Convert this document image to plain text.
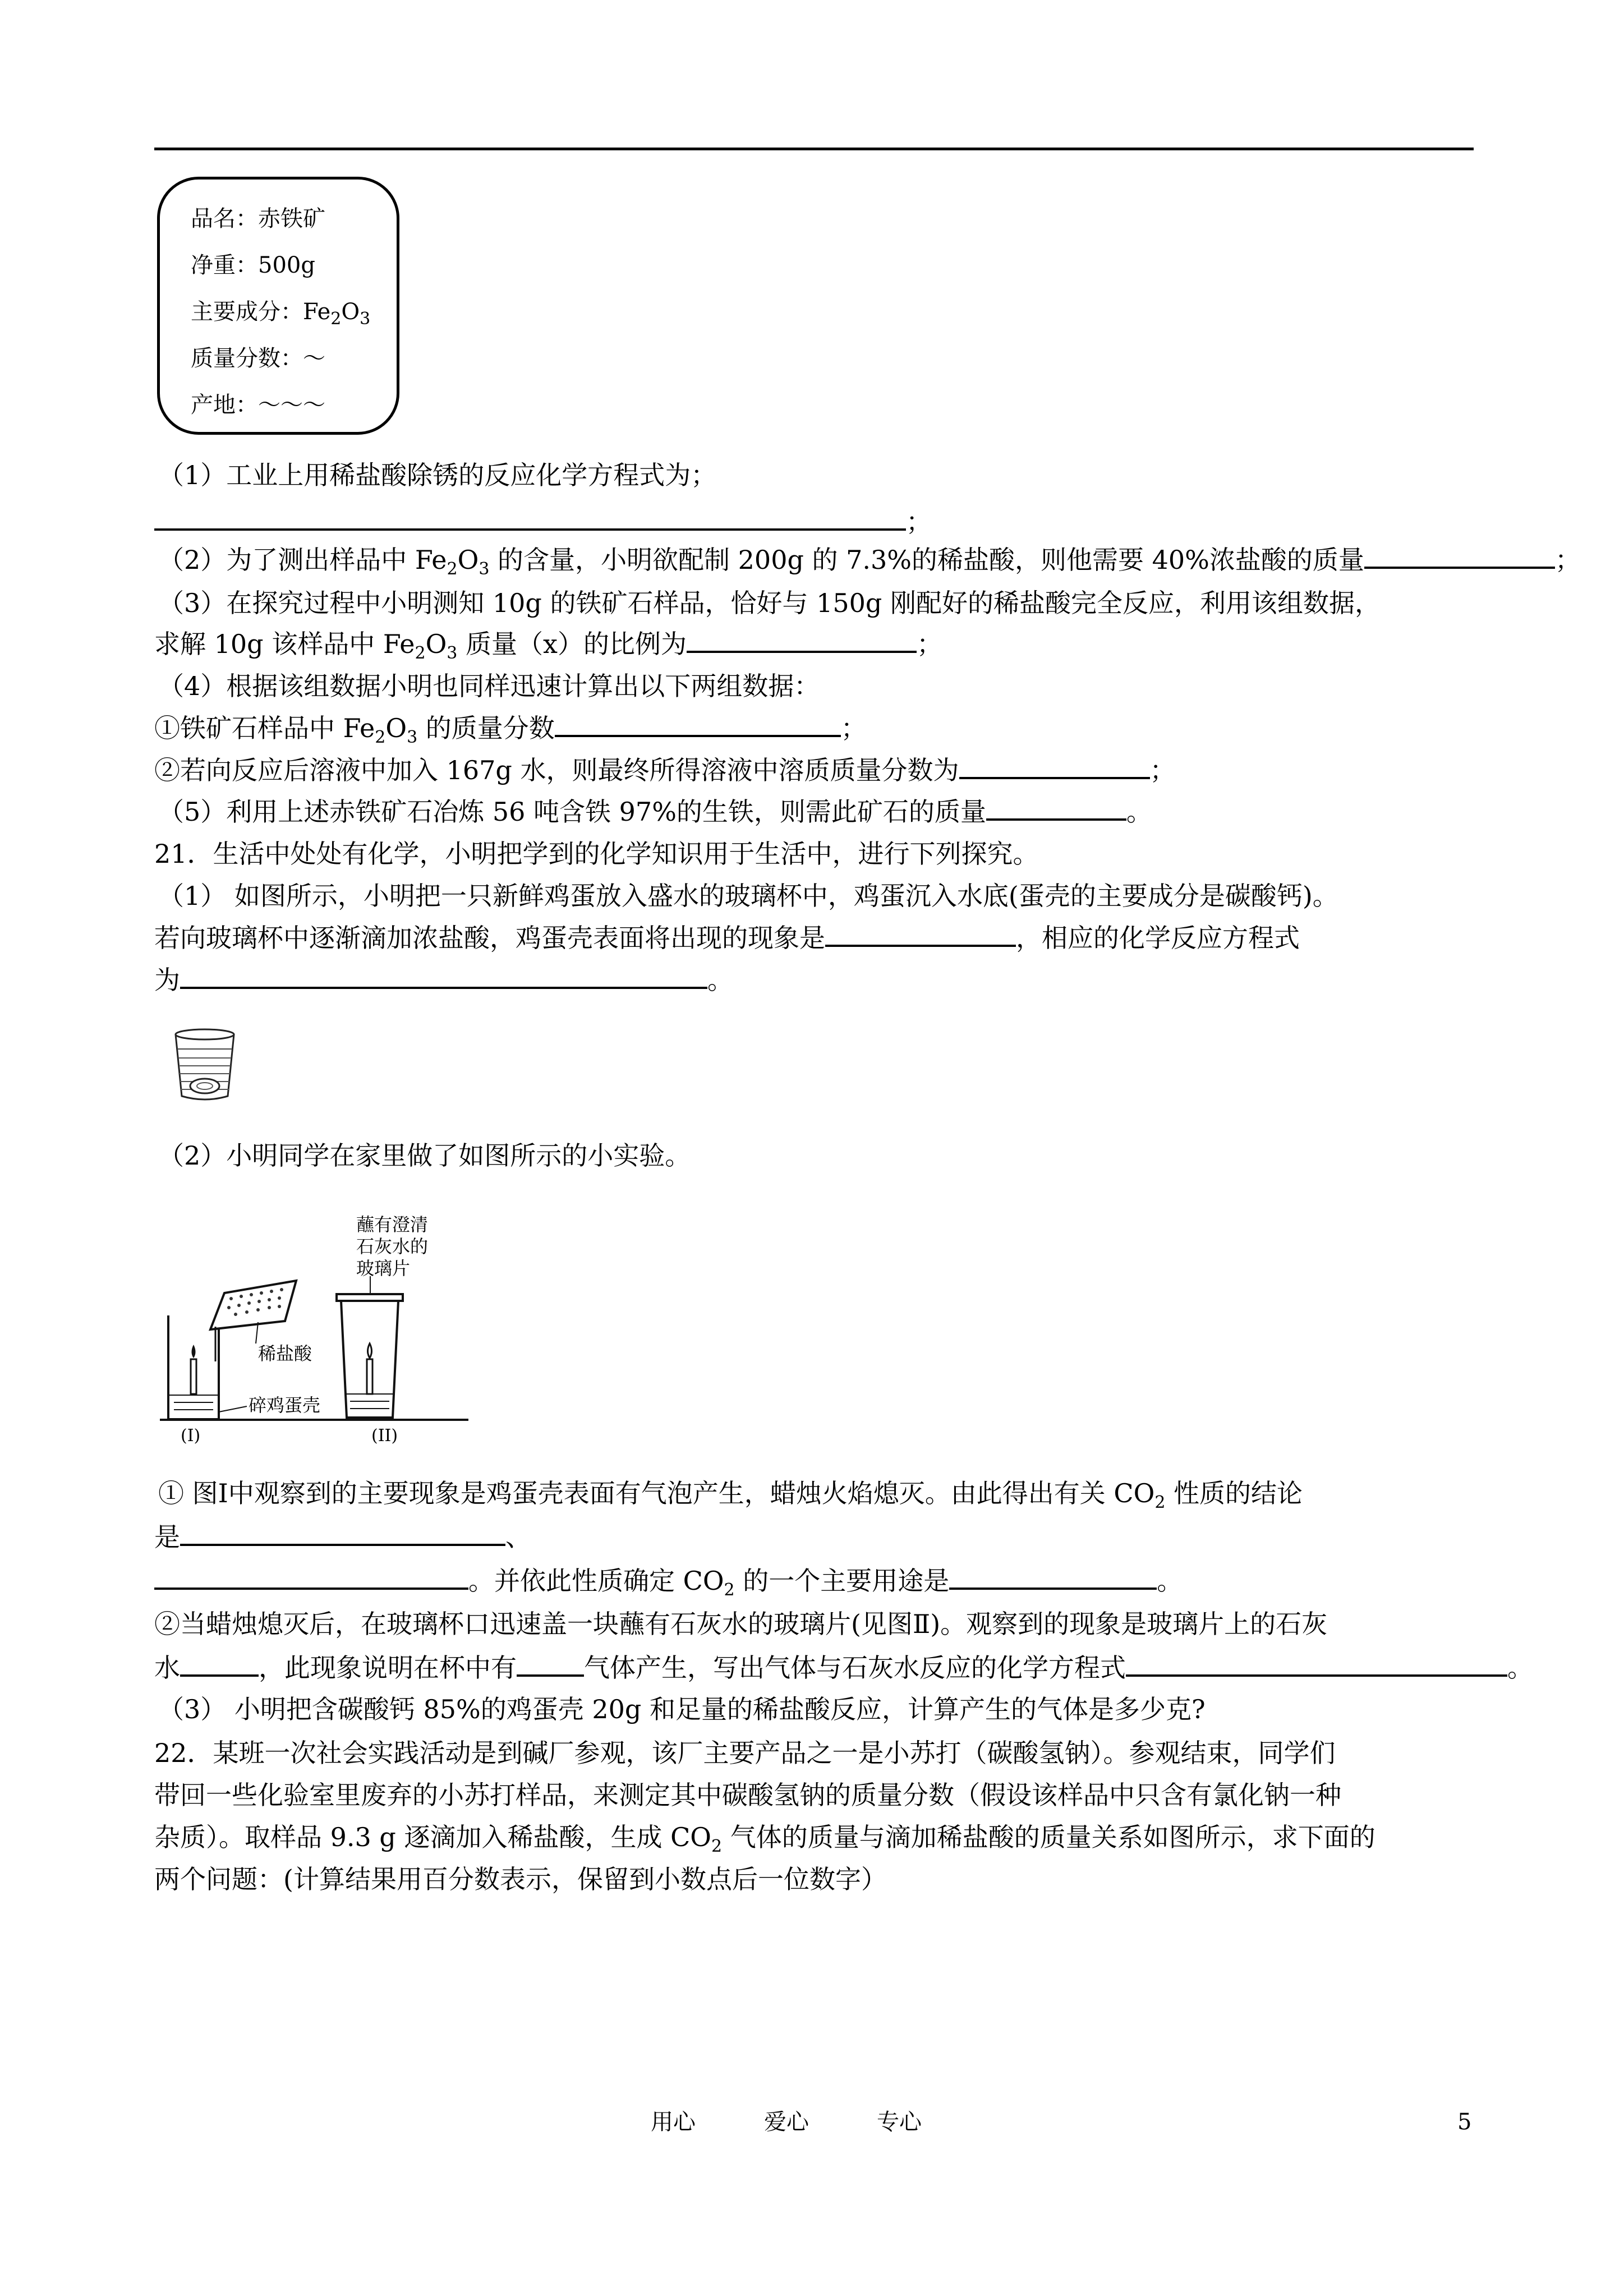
品名：赤铁矿
净重：500g
主要成分：$Fe_2O_3$
质量分数：～
产地：～～～
（1）工业上用稀盐酸除锈的反应化学方程式为；
；
（2）为了测出样品中 $Fe_2O_3$ 的含量，小明欲配制 200g 的 7.3%的稀盐酸，则他需要 40%浓盐酸的质量	；
（3）在探究过程中小明测知 10g 的铁矿石样品，恰好与 150g 刚配好的稀盐酸完全反应，利用该组数据，
求解 10g 该样品中 $Fe_2O_3$ 质量（x）的比例为	；
（4）根据该组数据小明也同样迅速计算出以下两组数据：
①铁矿石样品中 $Fe_2O_3$ 的质量分数	；
②若向反应后溶液中加入 167g 水，则最终所得溶液中溶质质量分数为	；
（5）利用上述赤铁矿石冶炼 56 吨含铁 97%的生铁，则需此矿石的质量	。
21．生活中处处有化学，小明把学到的化学知识用于生活中，进行下列探究。
（1） 如图所示，小明把一只新鲜鸡蛋放入盛水的玻璃杯中，鸡蛋沉入水底(蛋壳的主要成分是碳酸钙)。
若向玻璃杯中逐渐滴加浓盐酸，鸡蛋壳表面将出现的现象是	，相应的化学反应方程式
为	。
（2）小明同学在家里做了如图所示的小实验。
蘸有澄清
石灰水的
玻璃片
稀盐酸
碎鸡蛋壳
(I)	(II)
① 图Ⅰ中观察到的主要现象是鸡蛋壳表面有气泡产生，蜡烛火焰熄灭。由此得出有关 $CO_2$ 性质的结论
是	、
。并依此性质确定 $CO_2$ 的一个主要用途是	。
②当蜡烛熄灭后，在玻璃杯口迅速盖一块蘸有石灰水的玻璃片(见图Ⅱ)。观察到的现象是玻璃片上的石灰
水	，此现象说明在杯中有	气体产生，写出气体与石灰水反应的化学方程式	。
（3） 小明把含碳酸钙 85%的鸡蛋壳 20g 和足量的稀盐酸反应，计算产生的气体是多少克?
22．某班一次社会实践活动是到碱厂参观，该厂主要产品之一是小苏打（碳酸氢钠）。参观结束，同学们
带回一些化验室里废弃的小苏打样品，来测定其中碳酸氢钠的质量分数（假设该样品中只含有氯化钠一种
杂质）。取样品 9.3 g 逐滴加入稀盐酸，生成 $CO_2$ 气体的质量与滴加稀盐酸的质量关系如图所示，求下面的
两个问题：(计算结果用百分数表示，保留到小数点后一位数字）
用心	爱心	专心	5
